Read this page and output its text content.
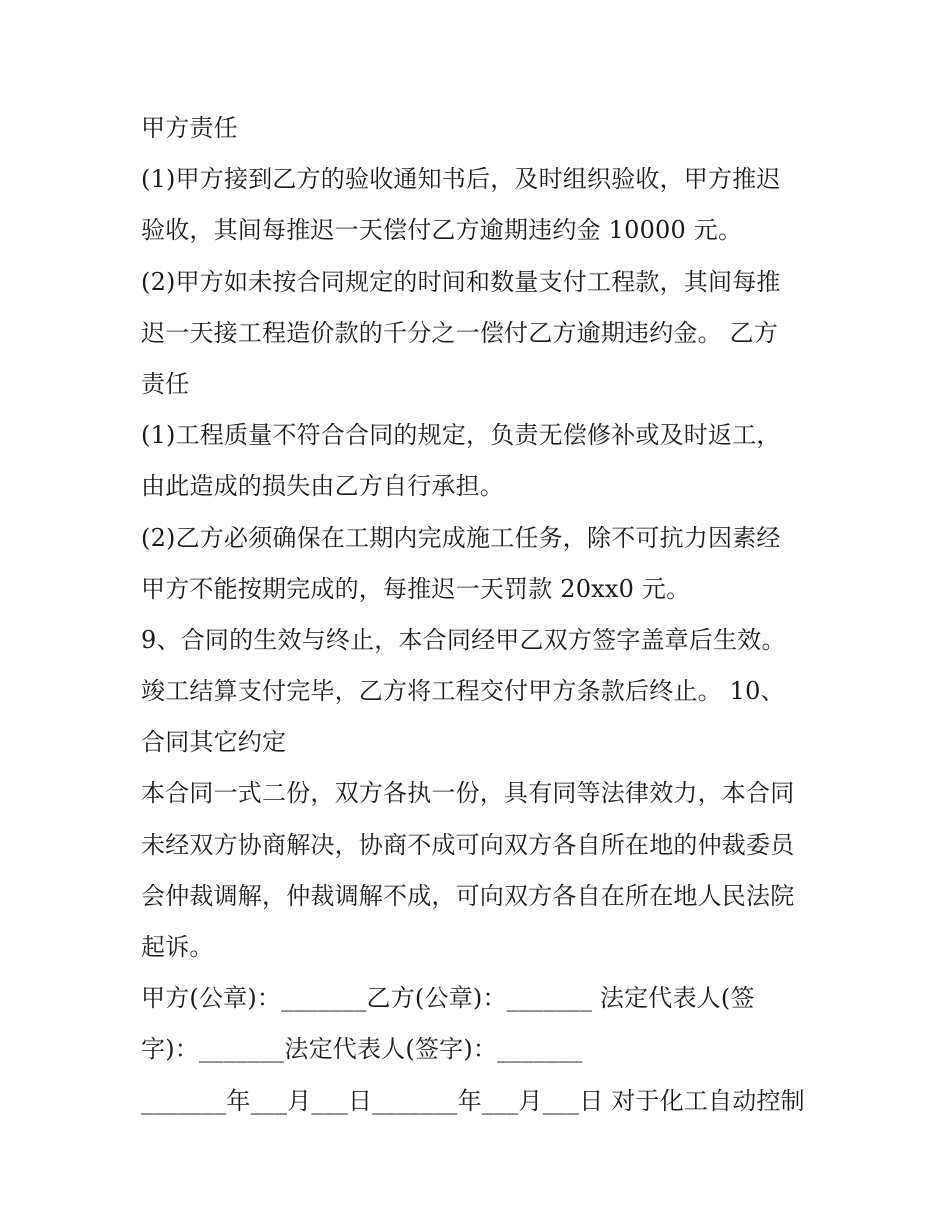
甲方责任
(1)甲方接到乙方的验收通知书后，及时组织验收，甲方推迟
验收，其间每推迟一天偿付乙方逾期违约金 10000 元。
(2)甲方如未按合同规定的时间和数量支付工程款，其间每推
迟一天接工程造价款的千分之一偿付乙方逾期违约金。 乙方
责任
(1)工程质量不符合合同的规定，负责无偿修补或及时返工，
由此造成的损失由乙方自行承担。
(2)乙方必须确保在工期内完成施工任务，除不可抗力因素经
甲方不能按期完成的，每推迟一天罚款 20xx0 元。
9、合同的生效与终止，本合同经甲乙双方签字盖章后生效。
竣工结算支付完毕，乙方将工程交付甲方条款后终止。 10、
合同其它约定
本合同一式二份，双方各执一份，具有同等法律效力，本合同
未经双方协商解决，协商不成可向双方各自所在地的仲裁委员
会仲裁调解，仲裁调解不成，可向双方各自在所在地人民法院
起诉。
甲方(公章)：_______乙方(公章)：_______ 法定代表人(签
字)：_______法定代表人(签字)：_______
_______年___月___日_______年___月___日 对于化工自动控制
